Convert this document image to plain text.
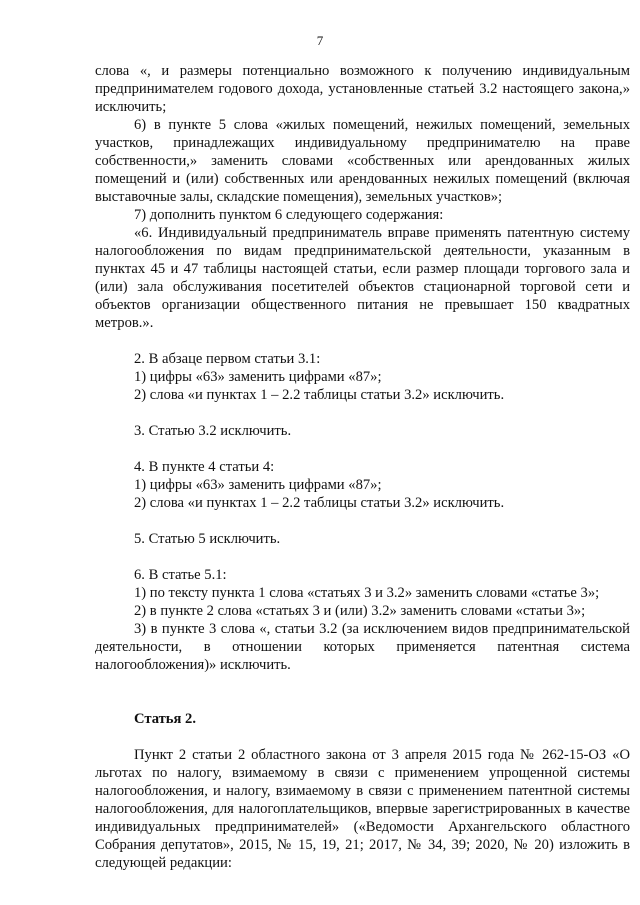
7

слова «, и размеры потенциально возможного к получению индивидуальным предпринимателем годового дохода, установленные статьей 3.2 настоящего закона,» исключить;

6) в пункте 5 слова «жилых помещений, нежилых помещений, земельных участков, принадлежащих индивидуальному предпринимателю на праве собственности,» заменить словами «собственных или арендованных жилых помещений и (или) собственных или арендованных нежилых помещений (включая выставочные залы, складские помещения), земельных участков»;

7) дополнить пунктом 6 следующего содержания:

«6. Индивидуальный предприниматель вправе применять патентную систему налогообложения по видам предпринимательской деятельности, указанным в пунктах 45 и 47 таблицы настоящей статьи, если размер площади торгового зала и (или) зала обслуживания посетителей объектов стационарной торговой сети и объектов организации общественного питания не превышает 150 квадратных метров.».

2. В абзаце первом статьи 3.1:

1) цифры «63» заменить цифрами «87»;

2) слова «и пунктах 1 – 2.2 таблицы статьи 3.2» исключить.

3. Статью 3.2 исключить.

4. В пункте 4 статьи 4:

1) цифры «63» заменить цифрами «87»;

2) слова «и пунктах 1 – 2.2 таблицы статьи 3.2» исключить.

5. Статью 5 исключить.

6. В статье 5.1:

1) по тексту пункта 1 слова «статьях 3 и 3.2» заменить словами «статье 3»;

2) в пункте 2 слова «статьях 3 и (или) 3.2» заменить словами «статьи 3»;

3) в пункте 3 слова «, статьи 3.2 (за исключением видов предпринимательской деятельности, в отношении которых применяется патентная система налогообложения)» исключить.

Статья 2.

Пункт 2 статьи 2 областного закона от 3 апреля 2015 года № 262-15-ОЗ «О льготах по налогу, взимаемому в связи с применением упрощенной системы налогообложения, и налогу, взимаемому в связи с применением патентной системы налогообложения, для налогоплательщиков, впервые зарегистрированных в качестве индивидуальных предпринимателей» («Ведомости Архангельского областного Собрания депутатов», 2015, № 15, 19, 21; 2017, № 34, 39; 2020, № 20) изложить в следующей редакции:
